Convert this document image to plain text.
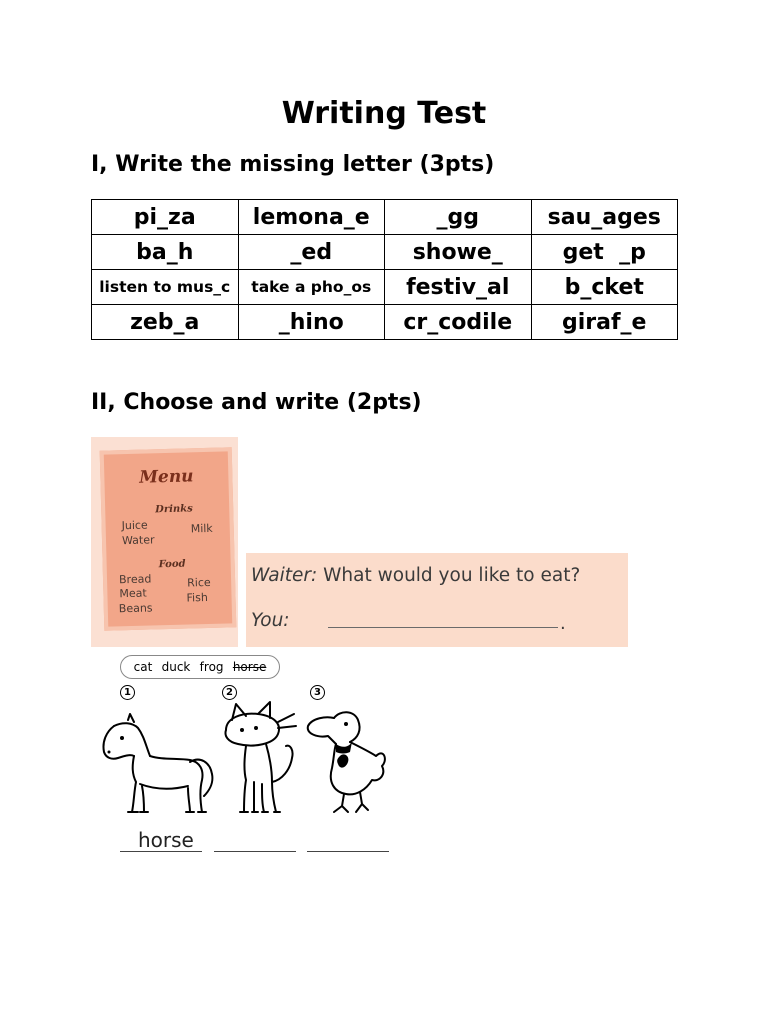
Writing Test
I, Write the missing letter (3pts)
pi_za	lemona_e	_gg	sau_ages
ba_h	_ed	showe_	get  _p
listen to mus_c	take a pho_os	festiv_al	b_cket
zeb_a	_hino	cr_codile	giraf_e
II, Choose and write (2pts)
Menu
Drinks
Juice
Water
Milk
Food
Bread
Meat
Beans
Rice
Fish
Waiter: What would you like to eat?
You:	.
cat duck frog horse
1	2	3
horse
